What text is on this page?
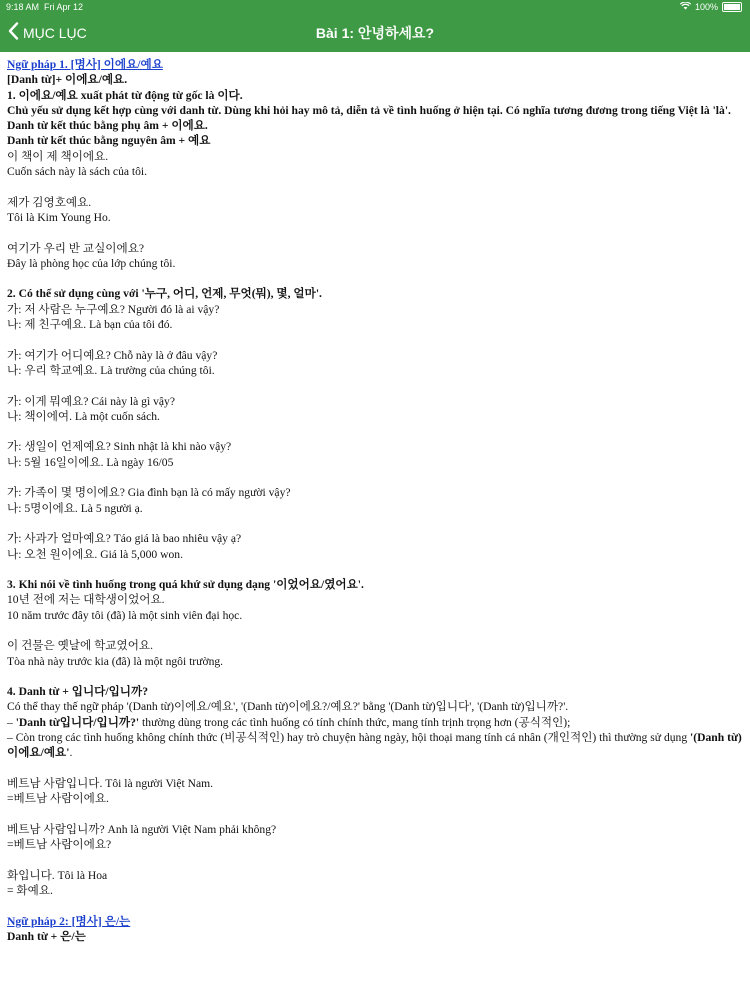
9:18 AM Fri Apr 12	100%
Bài 1: 안녕하세요?
MỤC LỤC

Ngữ pháp 1. [명사] 이에요/예요

[Danh từ]+ 이에요/예요.

1. 이에요/예요 xuất phát từ động từ gốc là 이다.

Chủ yếu sử dụng kết hợp cùng với danh từ. Dùng khi hỏi hay mô tả, diễn tả về tình huống ở hiện tại. Có nghĩa tương đương trong tiếng Việt là 'là'.

Danh từ kết thúc bằng phụ âm + 이에요.

Danh từ kết thúc bằng nguyên âm + 예요

이 책이 제 책이에요.

Cuốn sách này là sách của tôi.

제가 김영호예요.

Tôi là Kim Young Ho.

여기가 우리 반 교실이에요?

Đây là phòng học của lớp chúng tôi.

2. Có thể sử dụng cùng với '누구, 어디, 언제, 무엇(뭐), 몇, 얼마'.

가: 저 사람은 누구예요? Người đó là ai vậy?

나: 제 친구예요. Là bạn của tôi đó.

가: 여기가 어디예요? Chỗ này là ở đâu vậy?

나: 우리 학교예요. Là trường của chúng tôi.

가: 이게 뭐예요? Cái này là gì vậy?

나: 책이에여. Là một cuốn sách.

가: 생일이 언제예요? Sinh nhật là khi nào vậy?

나: 5월 16일이에요. Là ngày 16/05

가: 가족이 몇 명이에요? Gia đình bạn là có mấy người vậy?

나: 5명이에요. Là 5 người ạ.

가: 사과가 얼마예요? Táo giá là bao nhiêu vậy ạ?

나: 오천 원이에요. Giá là 5,000 won.

3. Khi nói về tình huống trong quá khứ sử dụng dạng '이었어요/였어요'.

10년 전에 저는 대학생이었어요.

10 năm trước đây tôi (đã) là một sinh viên đại học.

이 건물은 옛날에 학교였어요.

Tòa nhà này trước kia (đã) là một ngôi trường.

4. Danh từ + 입니다/입니까?

Có thể thay thế ngữ pháp '(Danh từ)이에요/예요', '(Danh từ)이에요?/예요?' bằng '(Danh từ)입니다', '(Danh từ)입니까?'.

– 'Danh từ입니다/입니까?' thường dùng trong các tình huống có tính chính thức, mang tính trịnh trọng hơn (공식적인);

– Còn trong các tình huống không chính thức (비공식적인) hay trò chuyện hàng ngày, hội thoại mang tính cá nhân (개인적인) thì thường sử dụng '(Danh từ)이에요/예요'.

베트남 사람입니다. Tôi là người Việt Nam.

=베트남 사람이에요.

베트남 사람입니까? Anh là người Việt Nam phải không?

=베트남 사람이에요?

화입니다. Tôi là Hoa

= 화예요.

Ngữ pháp 2: [명사] 은/는

Danh từ + 은/는
